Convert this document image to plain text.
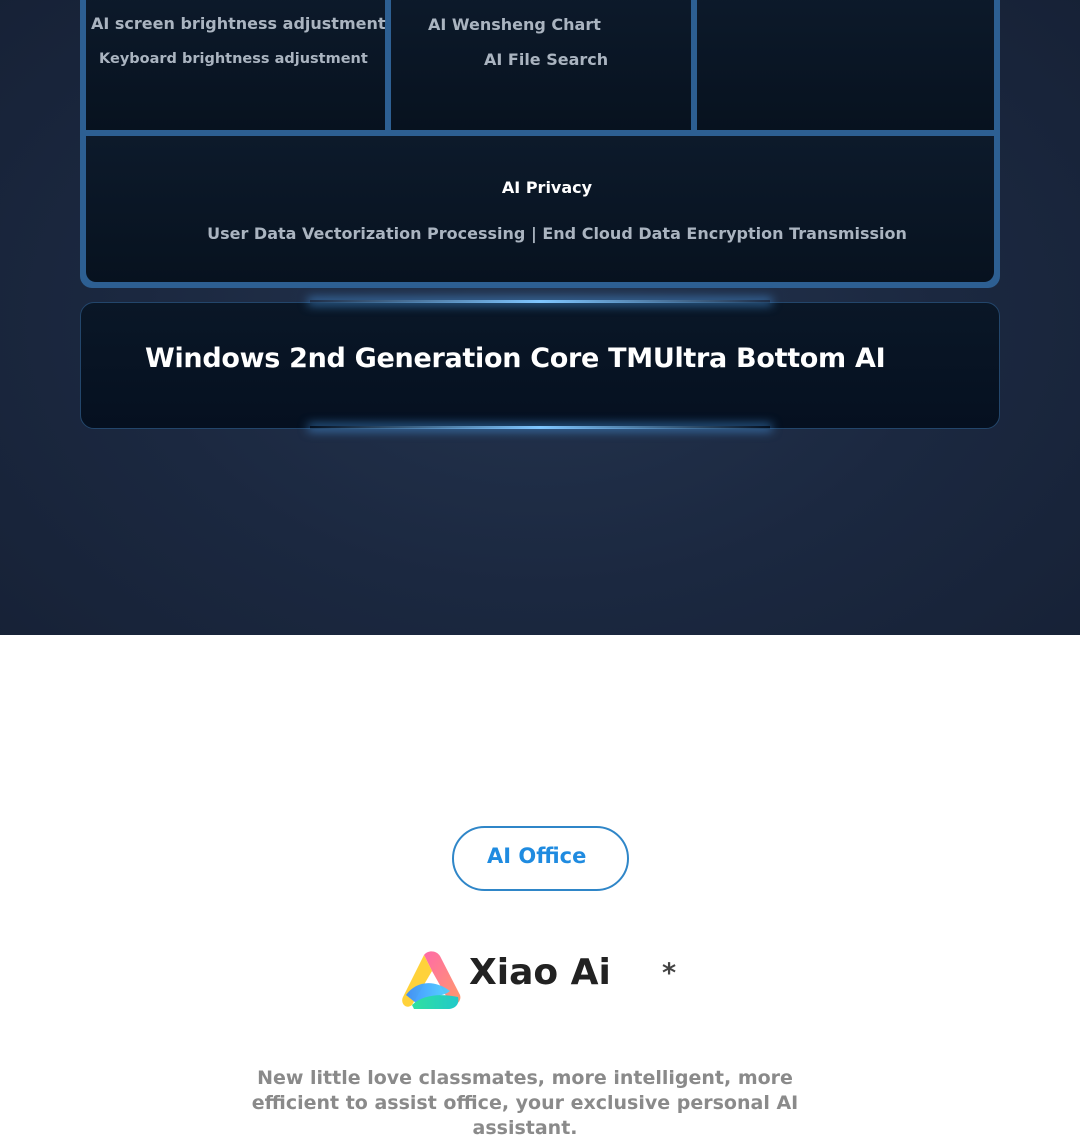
AI screen brightness adjustment
Keyboard brightness adjustment
AI Wensheng Chart
AI File Search
AI Privacy
User Data Vectorization Processing | End Cloud Data Encryption Transmission
Windows 2nd Generation Core TMUltra Bottom AI
AI Office
Xiao Ai *
New little love classmates, more intelligent, more efficient to assist office, your exclusive personal AI assistant.
